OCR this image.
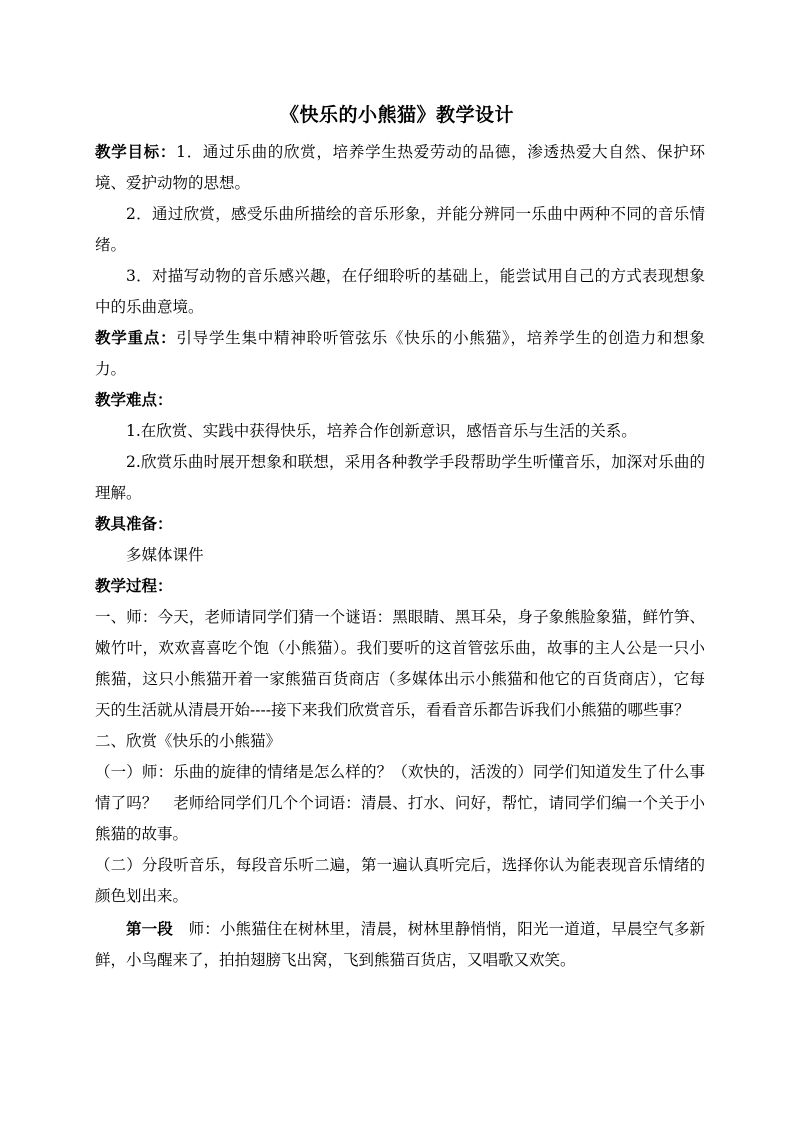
《快乐的小熊猫》教学设计

教学目标：1．通过乐曲的欣赏，培养学生热爱劳动的品德，渗透热爱大自然、保护环境、爱护动物的思想。

2．通过欣赏，感受乐曲所描绘的音乐形象，并能分辨同一乐曲中两种不同的音乐情绪。

3．对描写动物的音乐感兴趣，在仔细聆听的基础上，能尝试用自己的方式表现想象中的乐曲意境。

教学重点：引导学生集中精神聆听管弦乐《快乐的小熊猫》，培养学生的创造力和想象力。

教学难点：

1.在欣赏、实践中获得快乐，培养合作创新意识，感悟音乐与生活的关系。

2.欣赏乐曲时展开想象和联想，采用各种教学手段帮助学生听懂音乐，加深对乐曲的理解。

教具准备：

多媒体课件

教学过程：

一、师：今天，老师请同学们猜一个谜语：黑眼睛、黑耳朵，身子象熊脸象猫，鲜竹笋、嫩竹叶，欢欢喜喜吃个饱（小熊猫）。我们要听的这首管弦乐曲，故事的主人公是一只小熊猫，这只小熊猫开着一家熊猫百货商店（多媒体出示小熊猫和他它的百货商店），它每天的生活就从清晨开始----接下来我们欣赏音乐，看看音乐都告诉我们小熊猫的哪些事？

二、欣赏《快乐的小熊猫》

（一）师：乐曲的旋律的情绪是怎么样的？（欢快的，活泼的）同学们知道发生了什么事情了吗？　老师给同学们几个个词语：清晨、打水、问好，帮忙，请同学们编一个关于小熊猫的故事。

（二）分段听音乐，每段音乐听二遍，第一遍认真听完后，选择你认为能表现音乐情绪的颜色划出来。

第一段　师：小熊猫住在树林里，清晨，树林里静悄悄，阳光一道道，早晨空气多新鲜，小鸟醒来了，拍拍翅膀飞出窝，飞到熊猫百货店，又唱歌又欢笑。
